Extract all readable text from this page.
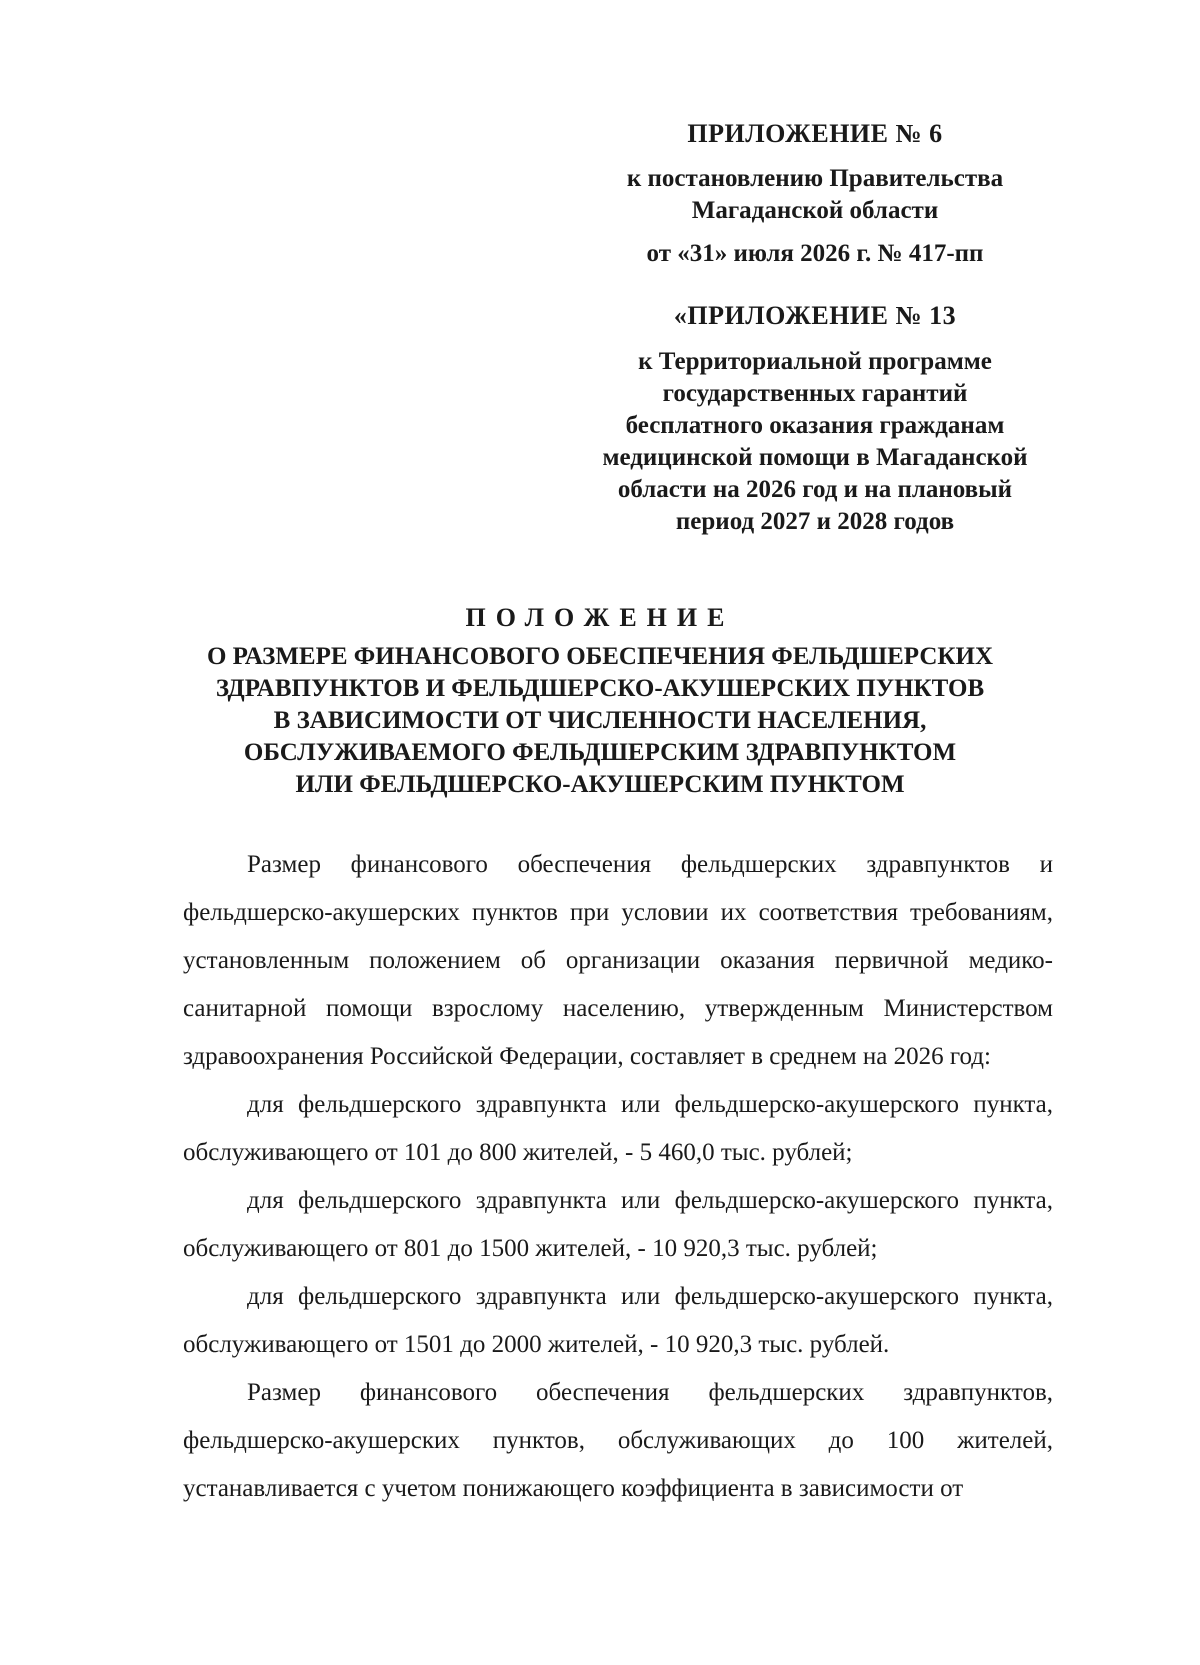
ПРИЛОЖЕНИЕ № 6
к постановлению Правительства
Магаданской области
от «31» июля 2026 г. № 417-пп
«ПРИЛОЖЕНИЕ № 13
к Территориальной программе
государственных гарантий
бесплатного оказания гражданам
медицинской помощи в Магаданской
области на 2026 год и на плановый
период 2027 и 2028 годов
ПОЛОЖЕНИЕ
О РАЗМЕРЕ ФИНАНСОВОГО ОБЕСПЕЧЕНИЯ ФЕЛЬДШЕРСКИХ
ЗДРАВПУНКТОВ И ФЕЛЬДШЕРСКО-АКУШЕРСКИХ ПУНКТОВ
В ЗАВИСИМОСТИ ОТ ЧИСЛЕННОСТИ НАСЕЛЕНИЯ,
ОБСЛУЖИВАЕМОГО ФЕЛЬДШЕРСКИМ ЗДРАВПУНКТОМ
ИЛИ ФЕЛЬДШЕРСКО-АКУШЕРСКИМ ПУНКТОМ

Размер финансового обеспечения фельдшерских здравпунктов и фельдшерско-акушерских пунктов при условии их соответствия требованиям, установленным положением об организации оказания первичной медико-санитарной помощи взрослому населению, утвержденным Министерством здравоохранения Российской Федерации, составляет в среднем на 2026 год:

для фельдшерского здравпункта или фельдшерско-акушерского пункта, обслуживающего от 101 до 800 жителей, - 5 460,0 тыс. рублей;

для фельдшерского здравпункта или фельдшерско-акушерского пункта, обслуживающего от 801 до 1500 жителей, - 10 920,3 тыс. рублей;

для фельдшерского здравпункта или фельдшерско-акушерского пункта, обслуживающего от 1501 до 2000 жителей, - 10 920,3 тыс. рублей.

Размер финансового обеспечения фельдшерских здравпунктов, фельдшерско-акушерских пунктов, обслуживающих до 100 жителей, устанавливается с учетом понижающего коэффициента в зависимости от
